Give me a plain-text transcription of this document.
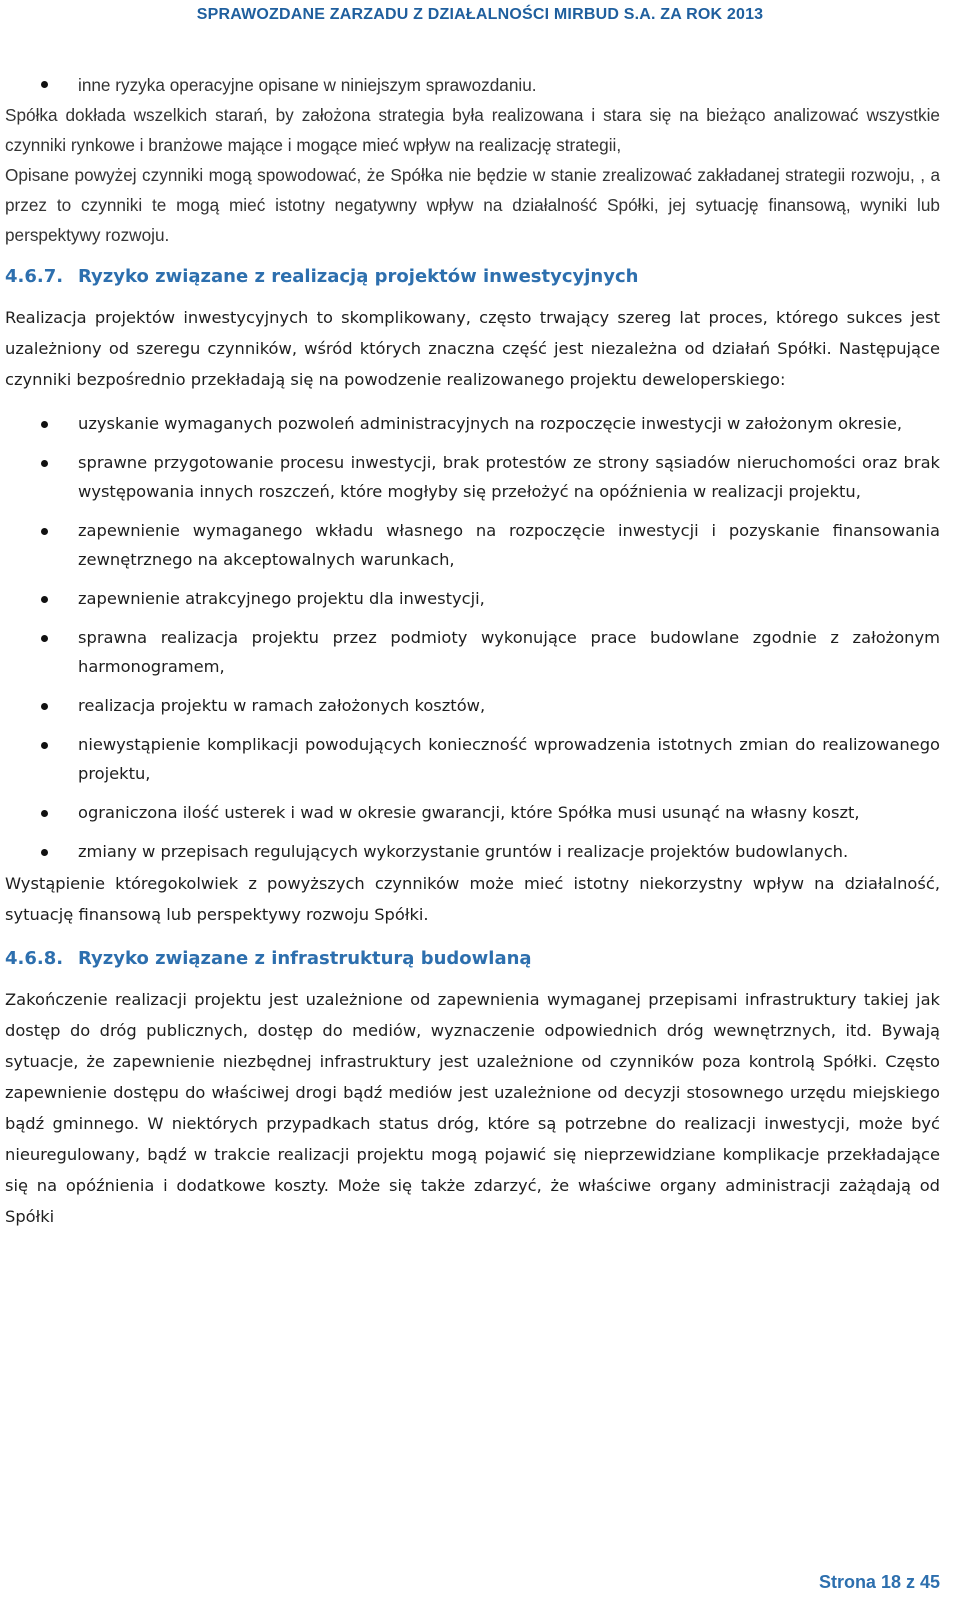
SPRAWOZDANE ZARZADU Z DZIAŁALNOŚCI MIRBUD S.A. ZA ROK 2013
inne ryzyka operacyjne opisane w niniejszym sprawozdaniu.

Spółka dokłada wszelkich starań, by założona strategia była realizowana i stara się na bieżąco analizować wszystkie czynniki rynkowe i branżowe mające i mogące mieć wpływ na realizację strategii,

Opisane powyżej czynniki mogą spowodować, że Spółka nie będzie w stanie zrealizować zakładanej strategii rozwoju, , a przez to czynniki te mogą mieć istotny negatywny wpływ na działalność Spółki, jej sytuację finansową, wyniki lub perspektywy rozwoju.

4.6.7. Ryzyko związane z realizacją projektów inwestycyjnych

Realizacja projektów inwestycyjnych to skomplikowany, często trwający szereg lat proces, którego sukces jest uzależniony od szeregu czynników, wśród których znaczna część jest niezależna od działań Spółki. Następujące czynniki bezpośrednio przekładają się na powodzenie realizowanego projektu deweloperskiego:

uzyskanie wymaganych pozwoleń administracyjnych na rozpoczęcie inwestycji w założonym okresie,
sprawne przygotowanie procesu inwestycji, brak protestów ze strony sąsiadów nieruchomości oraz brak występowania innych roszczeń, które mogłyby się przełożyć na opóźnienia w realizacji projektu,
zapewnienie wymaganego wkładu własnego na rozpoczęcie inwestycji i pozyskanie finansowania zewnętrznego na akceptowalnych warunkach,
zapewnienie atrakcyjnego projektu dla inwestycji,
sprawna realizacja projektu przez podmioty wykonujące prace budowlane zgodnie z założonym harmonogramem,
realizacja projektu w ramach założonych kosztów,
niewystąpienie komplikacji powodujących konieczność wprowadzenia istotnych zmian do realizowanego projektu,
ograniczona ilość usterek i wad w okresie gwarancji, które Spółka musi usunąć na własny koszt,
zmiany w przepisach regulujących wykorzystanie gruntów i realizacje projektów budowlanych.

Wystąpienie któregokolwiek z powyższych czynników może mieć istotny niekorzystny wpływ na działalność, sytuację finansową lub perspektywy rozwoju Spółki.

4.6.8. Ryzyko związane z infrastrukturą budowlaną

Zakończenie realizacji projektu jest uzależnione od zapewnienia wymaganej przepisami infrastruktury takiej jak dostęp do dróg publicznych, dostęp do mediów, wyznaczenie odpowiednich dróg wewnętrznych, itd. Bywają sytuacje, że zapewnienie niezbędnej infrastruktury jest uzależnione od czynników poza kontrolą Spółki. Często zapewnienie dostępu do właściwej drogi bądź mediów jest uzależnione od decyzji stosownego urzędu miejskiego bądź gminnego. W niektórych przypadkach status dróg, które są potrzebne do realizacji inwestycji, może być nieuregulowany, bądź w trakcie realizacji projektu mogą pojawić się nieprzewidziane komplikacje przekładające się na opóźnienia i dodatkowe koszty. Może się także zdarzyć, że właściwe organy administracji zażądają od Spółki

Strona 18 z 45
